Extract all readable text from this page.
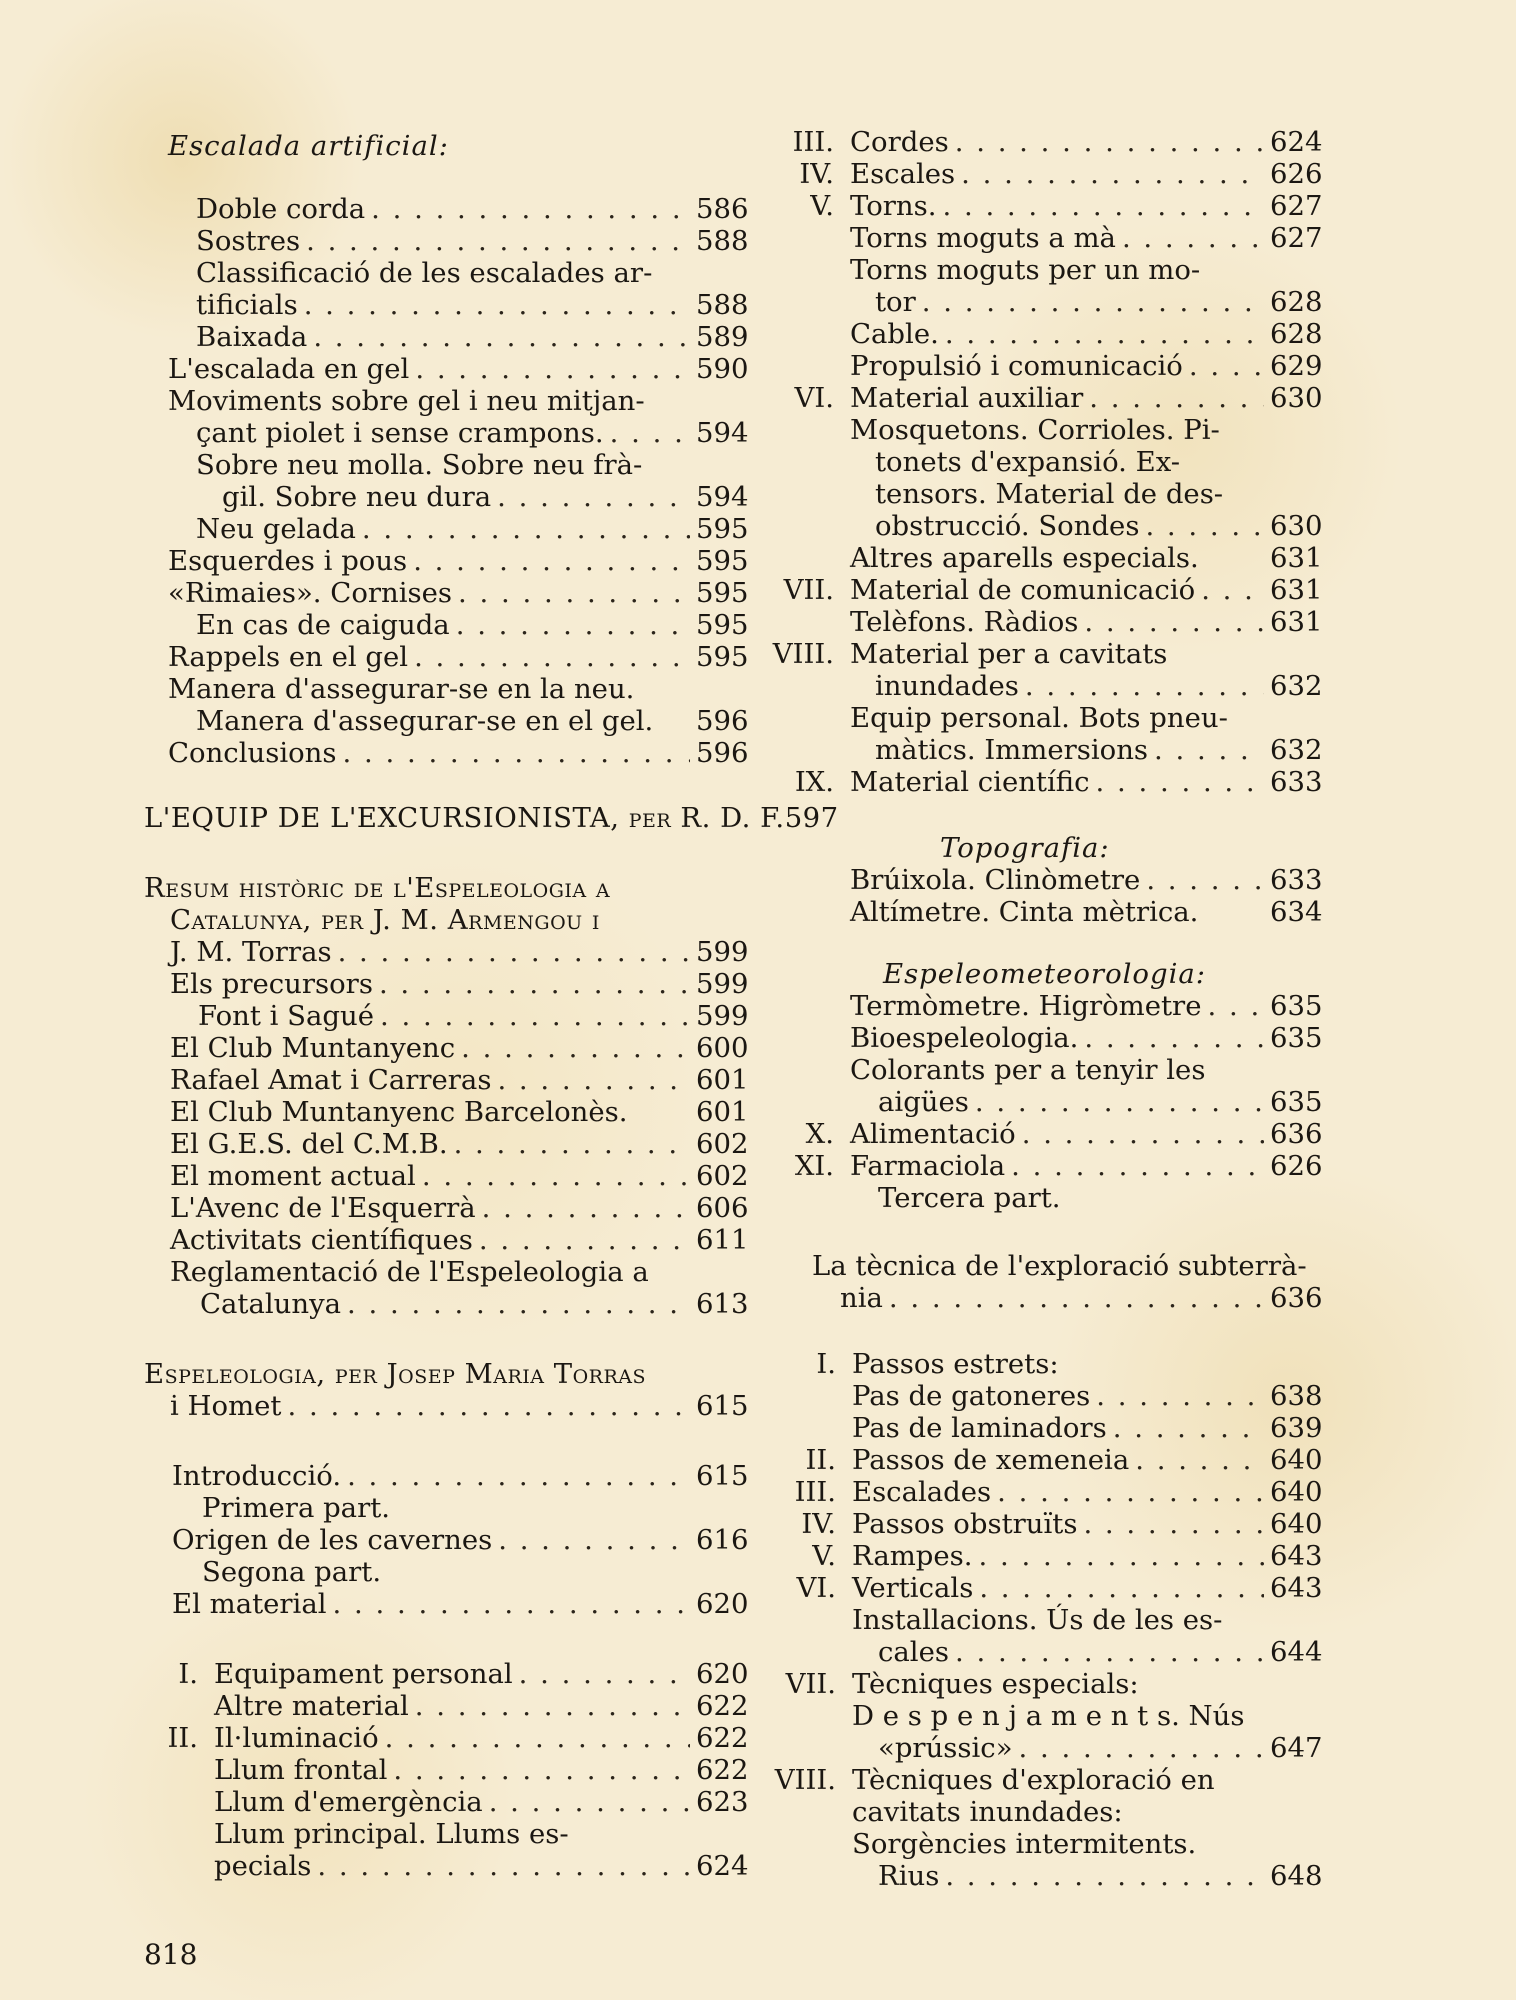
Escalada artificial:
Doble corda . . .	586
Sostres . . .	588
Classificació de les escalades ar-
tificials . . .	588
Baixada . . .	589
L'escalada en gel . . .	590
Moviments sobre gel i neu mitjan-
çant piolet i sense crampons. . . .	594
Sobre neu molla. Sobre neu frà-
gil. Sobre neu dura . . .	594
Neu gelada . . .	595
Esquerdes i pous . . .	595
«Rimaies». Cornises . . .	595
En cas de caiguda . . .	595
Rappels en el gel . . .	595
Manera d'assegurar-se en la neu.
Manera d'assegurar-se en el gel.	596
Conclusions . . .	596
L'EQUIP DE L'EXCURSIONISTA, per R. D. F. 597
Resum històric de l'Espeleologia a
Catalunya, per J. M. Armengou i
J. M. Torras . . .	599
Els precursors . . .	599
Font i Sagué . . .	599
El Club Muntanyenc . . .	600
Rafael Amat i Carreras . . .	601
El Club Muntanyenc Barcelonès.	601
El G.E.S. del C.M.B. . . .	602
El moment actual . . .	602
L'Avenc de l'Esquerrà . . .	606
Activitats científiques . . .	611
Reglamentació de l'Espeleologia a
Catalunya . . .	613
Espeleologia, per Josep Maria Torras
i Homet . . .	615
Introducció. . . .	615
Primera part.
Origen de les cavernes . . .	616
Segona part.
El material . . .	620
I. Equipament personal . . .	620
Altre material . . .	622
II. Il·luminació . . .	622
Llum frontal . . .	622
Llum d'emergència . . .	623
Llum principal. Llums es-
pecials . . .	624
III. Cordes . . .	624
IV. Escales . . .	626
V. Torns. . . .	627
Torns moguts a mà . . .	627
Torns moguts per un mo-
tor . . .	628
Cable. . . .	628
Propulsió i comunicació . . .	629
VI. Material auxiliar . . .	630
Mosquetons. Corrioles. Pi-
tonets d'expansió. Ex-
tensors. Material de des-
obstrucció. Sondes . . .	630
Altres aparells especials.	631
VII. Material de comunicació . . .	631
Telèfons. Ràdios . . .	631
VIII. Material per a cavitats
inundades . . .	632
Equip personal. Bots pneu-
màtics. Immersions . . .	632
IX. Material científic . . .	633
Topografia:
Brúixola. Clinòmetre . . .	633
Altímetre. Cinta mètrica.	634
Espeleometeorologia:
Termòmetre. Higròmetre . . . 635
Bioespeleologia. . . .	635
Colorants per a tenyir les
aigües . . .	635
X. Alimentació . . .	636
XI. Farmaciola . . .	626
Tercera part.
La tècnica de l'exploració subterrà-
nia . . .	636
I. Passos estrets:
Pas de gatoneres . . .	638
Pas de laminadors . . .	639
II. Passos de xemeneia . . .	640
III. Escalades . . .	640
IV. Passos obstruïts . . .	640
V. Rampes. . . .	643
VI. Verticals . . .	643
Installacions. Ús de les es-
cales . . .	644
VII. Tècniques especials:
D e s p e n j a m e n t s. Nús
«prússic» . . .	647
VIII. Tècniques d'exploració en
cavitats inundades:
Sorgències intermitents.
Rius . . .	648
818
